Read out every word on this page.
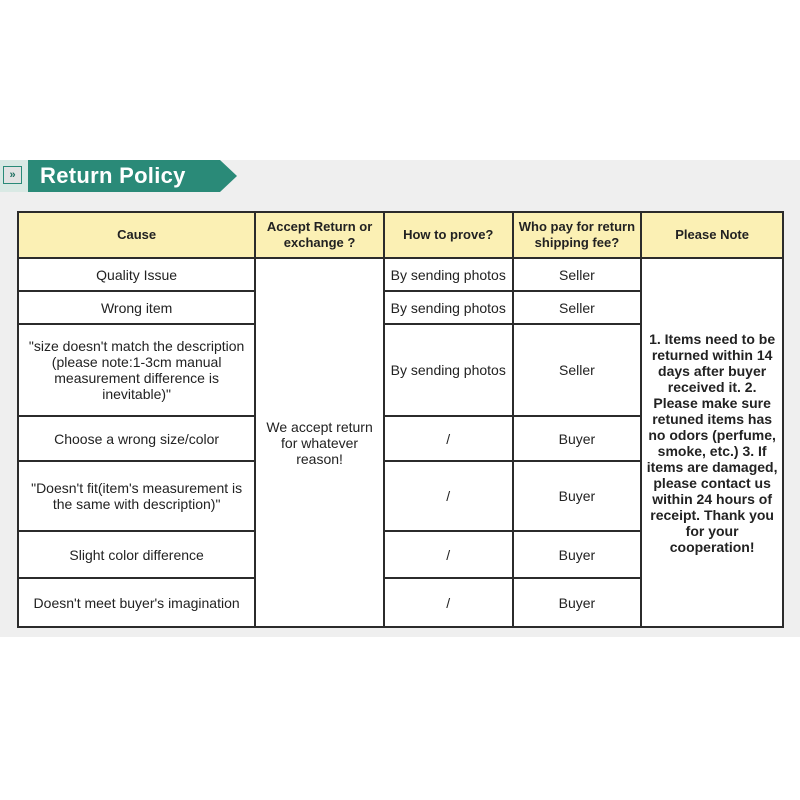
» Return Policy
Cause	Accept Return or exchange ?	How to prove?	Who pay for return shipping fee?	Please Note
Quality Issue	We accept return for whatever reason!	By sending photos	Seller	1. Items need to be returned within 14 days after buyer received it. 2. Please make sure retuned items has no odors (perfume, smoke, etc.) 3. If items are damaged, please contact us within 24 hours of receipt. Thank you for your cooperation!
Wrong item		By sending photos	Seller	
"size doesn't match the description (please note:1-3cm manual measurement difference is inevitable)"		By sending photos	Seller	
Choose a wrong size/color		/	Buyer	
"Doesn't fit(item's measurement is the same with description)"		/	Buyer	
Slight color difference		/	Buyer	
Doesn't meet buyer's imagination		/	Buyer	
